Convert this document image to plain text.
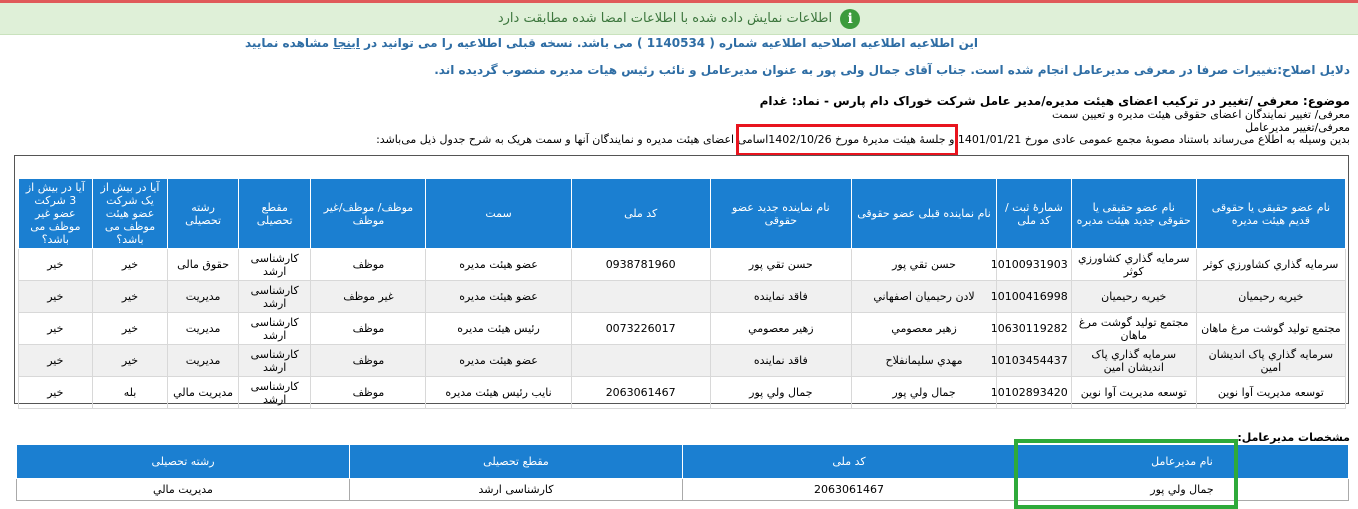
i
اطلاعات نمایش داده شده با اطلاعات امضا شده مطابقت دارد
این اطلاعیه اطلاعیه اصلاحیه اطلاعیه شماره ( 1140534 ) می باشد. نسخه قبلی اطلاعیه را می توانید در اینجا مشاهده نمایید
دلایل اصلاح:تغییرات صرفا در معرفی مدیرعامل انجام شده است. جناب آقای جمال ولی پور به عنوان مدیرعامل و نائب رئیس هیات مدیره منصوب گردیده اند.
موضوع: معرفی /تغییر در ترکیب اعضای هیئت مدیره/مدیر عامل شرکت خوراک دام پارس - نماد: غدام
معرفی/ تغییر نمایندگان اعضای حقوقی هیئت مدیره و تعیین سمت
معرفی/تغییر مدیرعامل
بدین وسیله به اطلاع می‌رساند باستناد مصوبهٔ مجمع عمومی عادی مورخ 1401/01/21 و جلسهٔ هیئت مدیرهٔ مورخ 1402/10/26اسامی اعضای هیئت مدیره و نمایندگان آنها و سمت هریک به شرح جدول ذیل می‌باشد:
نام عضو حقیقی یا حقوقی قدیم هیئت مدیره	نام عضو حقیقی یا حقوقی جدید هیئت مدیره	شمارهٔ ثبت / کد ملی	نام نماینده قبلی عضو حقوقی	نام نماینده جدید عضو حقوقی	کد ملی	سمت	موظف/ موظف/غیر موظف	مقطع تحصیلی	رشته تحصیلی	آیا در بیش از یک شرکت عضو هیئت موظف می باشد؟	آیا در بیش از 3 شرکت عضو غیر موظف می باشد؟
سرمایه گذاري کشاورزي کوثر	سرمايه گذاري کشاورزي کوثر	10100931903	حسن تقي پور	حسن تقي پور	0938781960	عضو هيئت مدیره	موظف	کارشناسی ارشد	حقوق مالی	خیر	خیر
خيريه رحيميان	خيريه رحيميان	10100416998	لادن رحيميان اصفهاني	فاقد نماينده		عضو هيئت مدیره	غير موظف	کارشناسی ارشد	مدیریت	خیر	خیر
مجتمع توليد گوشت مرغ ماهان	مجتمع توليد گوشت مرغ ماهان	10630119282	زهير معصومي	زهير معصومي	0073226017	رئيس هيئت مديره	موظف	کارشناسی ارشد	مدیریت	خیر	خیر
سرمايه گذاري پاک انديشان امين	سرمايه گذاري پاک انديشان امين	10103454437	مهدي سليمانفلاح	فاقد نماينده		عضو هيئت مدیره	موظف	کارشناسی ارشد	مدیریت	خیر	خیر
توسعه مديريت آوا نوين	توسعه مديريت آوا نوين	10102893420	جمال ولي پور	جمال ولي پور	2063061467	نايب رئيس هيئت مديره	موظف	کارشناسی ارشد	مديريت مالي	بله	خیر
مشخصات مدیرعامل:
نام مدیرعامل	کد ملی	مقطع تحصیلی	رشته تحصیلی
جمال ولي پور	2063061467	کارشناسی ارشد	مديريت مالي
